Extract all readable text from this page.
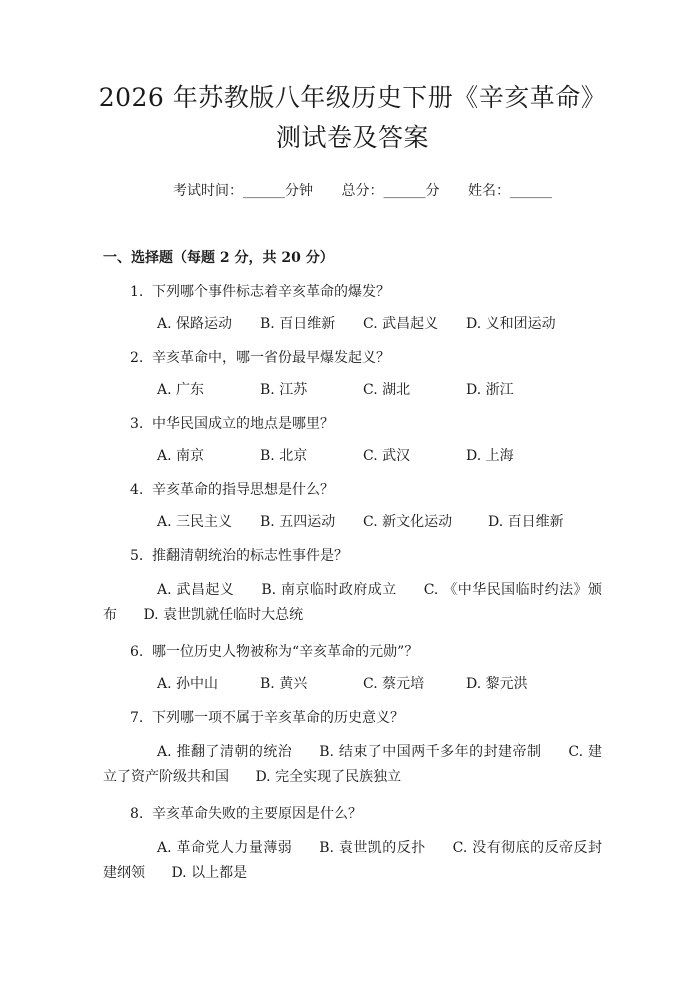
2026 年苏教版八年级历史下册《辛亥革命》
测试卷及答案
考试时间：______分钟 总分：______分 姓名：______
一、选择题（每题 2 分，共 20 分）
1. 下列哪个事件标志着辛亥革命的爆发？
A. 保路运动 B. 百日维新 C. 武昌起义 D. 义和团运动
2. 辛亥革命中，哪一省份最早爆发起义？
A. 广东	B. 江苏	C. 湖北	D. 浙江
3. 中华民国成立的地点是哪里？
A. 南京	B. 北京	C. 武汉	D. 上海
4. 辛亥革命的指导思想是什么？
A. 三民主义 B. 五四运动 C. 新文化运动	D. 百日维新
5. 推翻清朝统治的标志性事件是？
A. 武昌起义 B. 南京临时政府成立 C. 《中华民国临时约法》颁布 D. 袁世凯就任临时大总统
6. 哪一位历史人物被称为“辛亥革命的元勋”？
A. 孙中山	B. 黄兴	C. 蔡元培	D. 黎元洪
7. 下列哪一项不属于辛亥革命的历史意义？
A. 推翻了清朝的统治 B. 结束了中国两千多年的封建帝制 C. 建立了资产阶级共和国 D. 完全实现了民族独立
8. 辛亥革命失败的主要原因是什么？
A. 革命党人力量薄弱 B. 袁世凯的反扑 C. 没有彻底的反帝反封建纲领 D. 以上都是
